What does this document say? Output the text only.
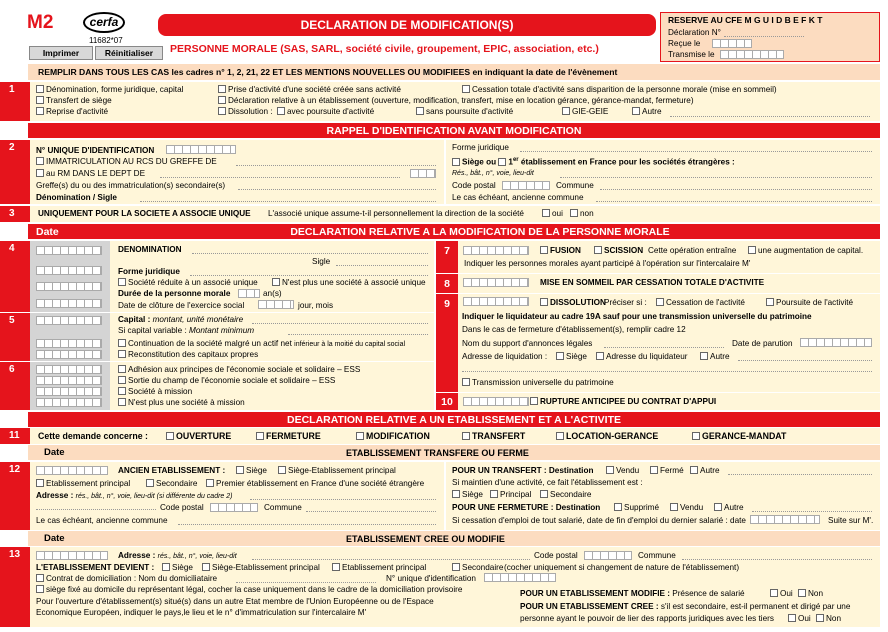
M2	cerfa
11682*07
Imprimer	Réinitialiser
DECLARATION DE MODIFICATION(S)
PERSONNE MORALE (SAS, SARL, société civile, groupement, EPIC, association, etc.)
RESERVE AU CFE M G U I D B E F K T
Déclaration N°
Reçue le
Transmise le
REMPLIR DANS TOUS LES CAS les cadres n° 1, 2, 21, 22 ET LES MENTIONS NOUVELLES OU MODIFIEES en indiquant la date de l'évènement
1	Dénomination, forme juridique, capital	Prise d'activité d'une société créée sans activité	Cessation totale d'activité sans disparition de la personne morale (mise en sommeil)
Transfert de siège	Déclaration relative à un établissement (ouverture, modification, transfert, mise en location gérance, gérance-mandat, fermeture)
Reprise d'activité	Dissolution :	avec poursuite d'activité	sans poursuite d'activité	GIE-GEIE	Autre
RAPPEL D'IDENTIFICATION AVANT MODIFICATION
2	N° UNIQUE D'IDENTIFICATION
IMMATRICULATION AU RCS DU GREFFE DE
au RM DANS LE DEPT DE
Greffe(s) du ou des immatriculation(s) secondaire(s)
Dénomination / Sigle
Forme juridique
Siège ou 1er établissement en France pour les sociétés étrangères :
Rés., bât., n°, voie, lieu-dit
Code postal	Commune
Le cas échéant, ancienne commune
3	UNIQUEMENT POUR LA SOCIETE A ASSOCIE UNIQUE L'associé unique assume-t-il personnellement la direction de la société	oui	non
Date	DECLARATION RELATIVE A LA MODIFICATION DE LA PERSONNE MORALE
4	DENOMINATION
Sigle
Forme juridique
Société réduite à un associé unique	N'est plus une société à associé unique
Durée de la personne morale	an(s)
Date de clôture de l'exercice social	jour, mois
5	Capital : montant, unité monétaire
Si capital variable : Montant minimum
Continuation de la société malgré un actif net inférieur à la moitié du capital social
Reconstitution des capitaux propres
6	Adhésion aux principes de l'économie sociale et solidaire – ESS
Sortie du champ de l'économie sociale et solidaire – ESS
Société à mission
N'est plus une société à mission
7	FUSION	SCISSION Cette opération entraîne	une augmentation de capital.
Indiquer les personnes morales ayant participé à l'opération sur l'intercalaire M'
8	MISE EN SOMMEIL PAR CESSATION TOTALE D'ACTIVITE
9	DISSOLUTION
Préciser si :	Cessation de l'activité	Poursuite de l'activité
Indiquer le liquidateur au cadre 19A sauf pour une transmission universelle du patrimoine
Dans le cas de fermeture d'établissement(s), remplir cadre 12
Nom du support d'annonces légales	Date de parution
Adresse de liquidation :	Siège	Adresse du liquidateur	Autre
Transmission universelle du patrimoine
10	RUPTURE ANTICIPEE DU CONTRAT D'APPUI
DECLARATION RELATIVE A UN ETABLISSEMENT ET A L'ACTIVITE
11	Cette demande concerne :	OUVERTURE	FERMETURE	MODIFICATION	TRANSFERT	LOCATION-GERANCE	GERANCE-MANDAT
Date	ETABLISSEMENT TRANSFERE OU FERME
12	ANCIEN ETABLISSEMENT :	Siège	Siège-Etablissement principal
Etablissement principal	Secondaire	Premier établissement en France d'une société étrangère
Adresse : rés., bât., n°, voie, lieu-dit (si différente du cadre 2)
Code postal	Commune
Le cas échéant, ancienne commune
POUR UN TRANSFERT : Destination	Vendu	Fermé	Autre
Si maintien d'une activité, ce fait l'établissement est :
Siège	Principal	Secondaire
POUR UNE FERMETURE : Destination	Supprimé	Vendu	Autre
Si cessation d'emploi de tout salarié, date de fin d'emploi du dernier salarié : date	Suite sur M'.
Date	ETABLISSEMENT CREE OU MODIFIE
13	Adresse : rés., bât., n°, voie, lieu-dit	Code postal	Commune
L'ETABLISSEMENT DEVIENT :	Siège	Siège-Etablissement principal	Etablissement principal	Secondaire (cocher uniquement si changement de nature de l'établissement)
Contrat de domiciliation : Nom du domiciliataire	N° unique d'identification
siège fixé au domicile du représentant légal, cocher la case uniquement dans le cadre de la domiciliation provisoire
Pour l'ouverture d'établissement(s) situé(s) dans un autre Etat membre de l'Union Européenne ou de l'Espace
Economique Européen, indiquer le pays,le lieu et le n° d'immatriculation sur l'intercalaire M'
POUR UN ETABLISSEMENT MODIFIE : Présence de salarié	Oui	Non
POUR UN ETABLISSEMENT CREE : s'il est secondaire, est-il permanent et dirigé par une
personne ayant le pouvoir de lier des rapports juridiques avec les tiers	Oui	Non
